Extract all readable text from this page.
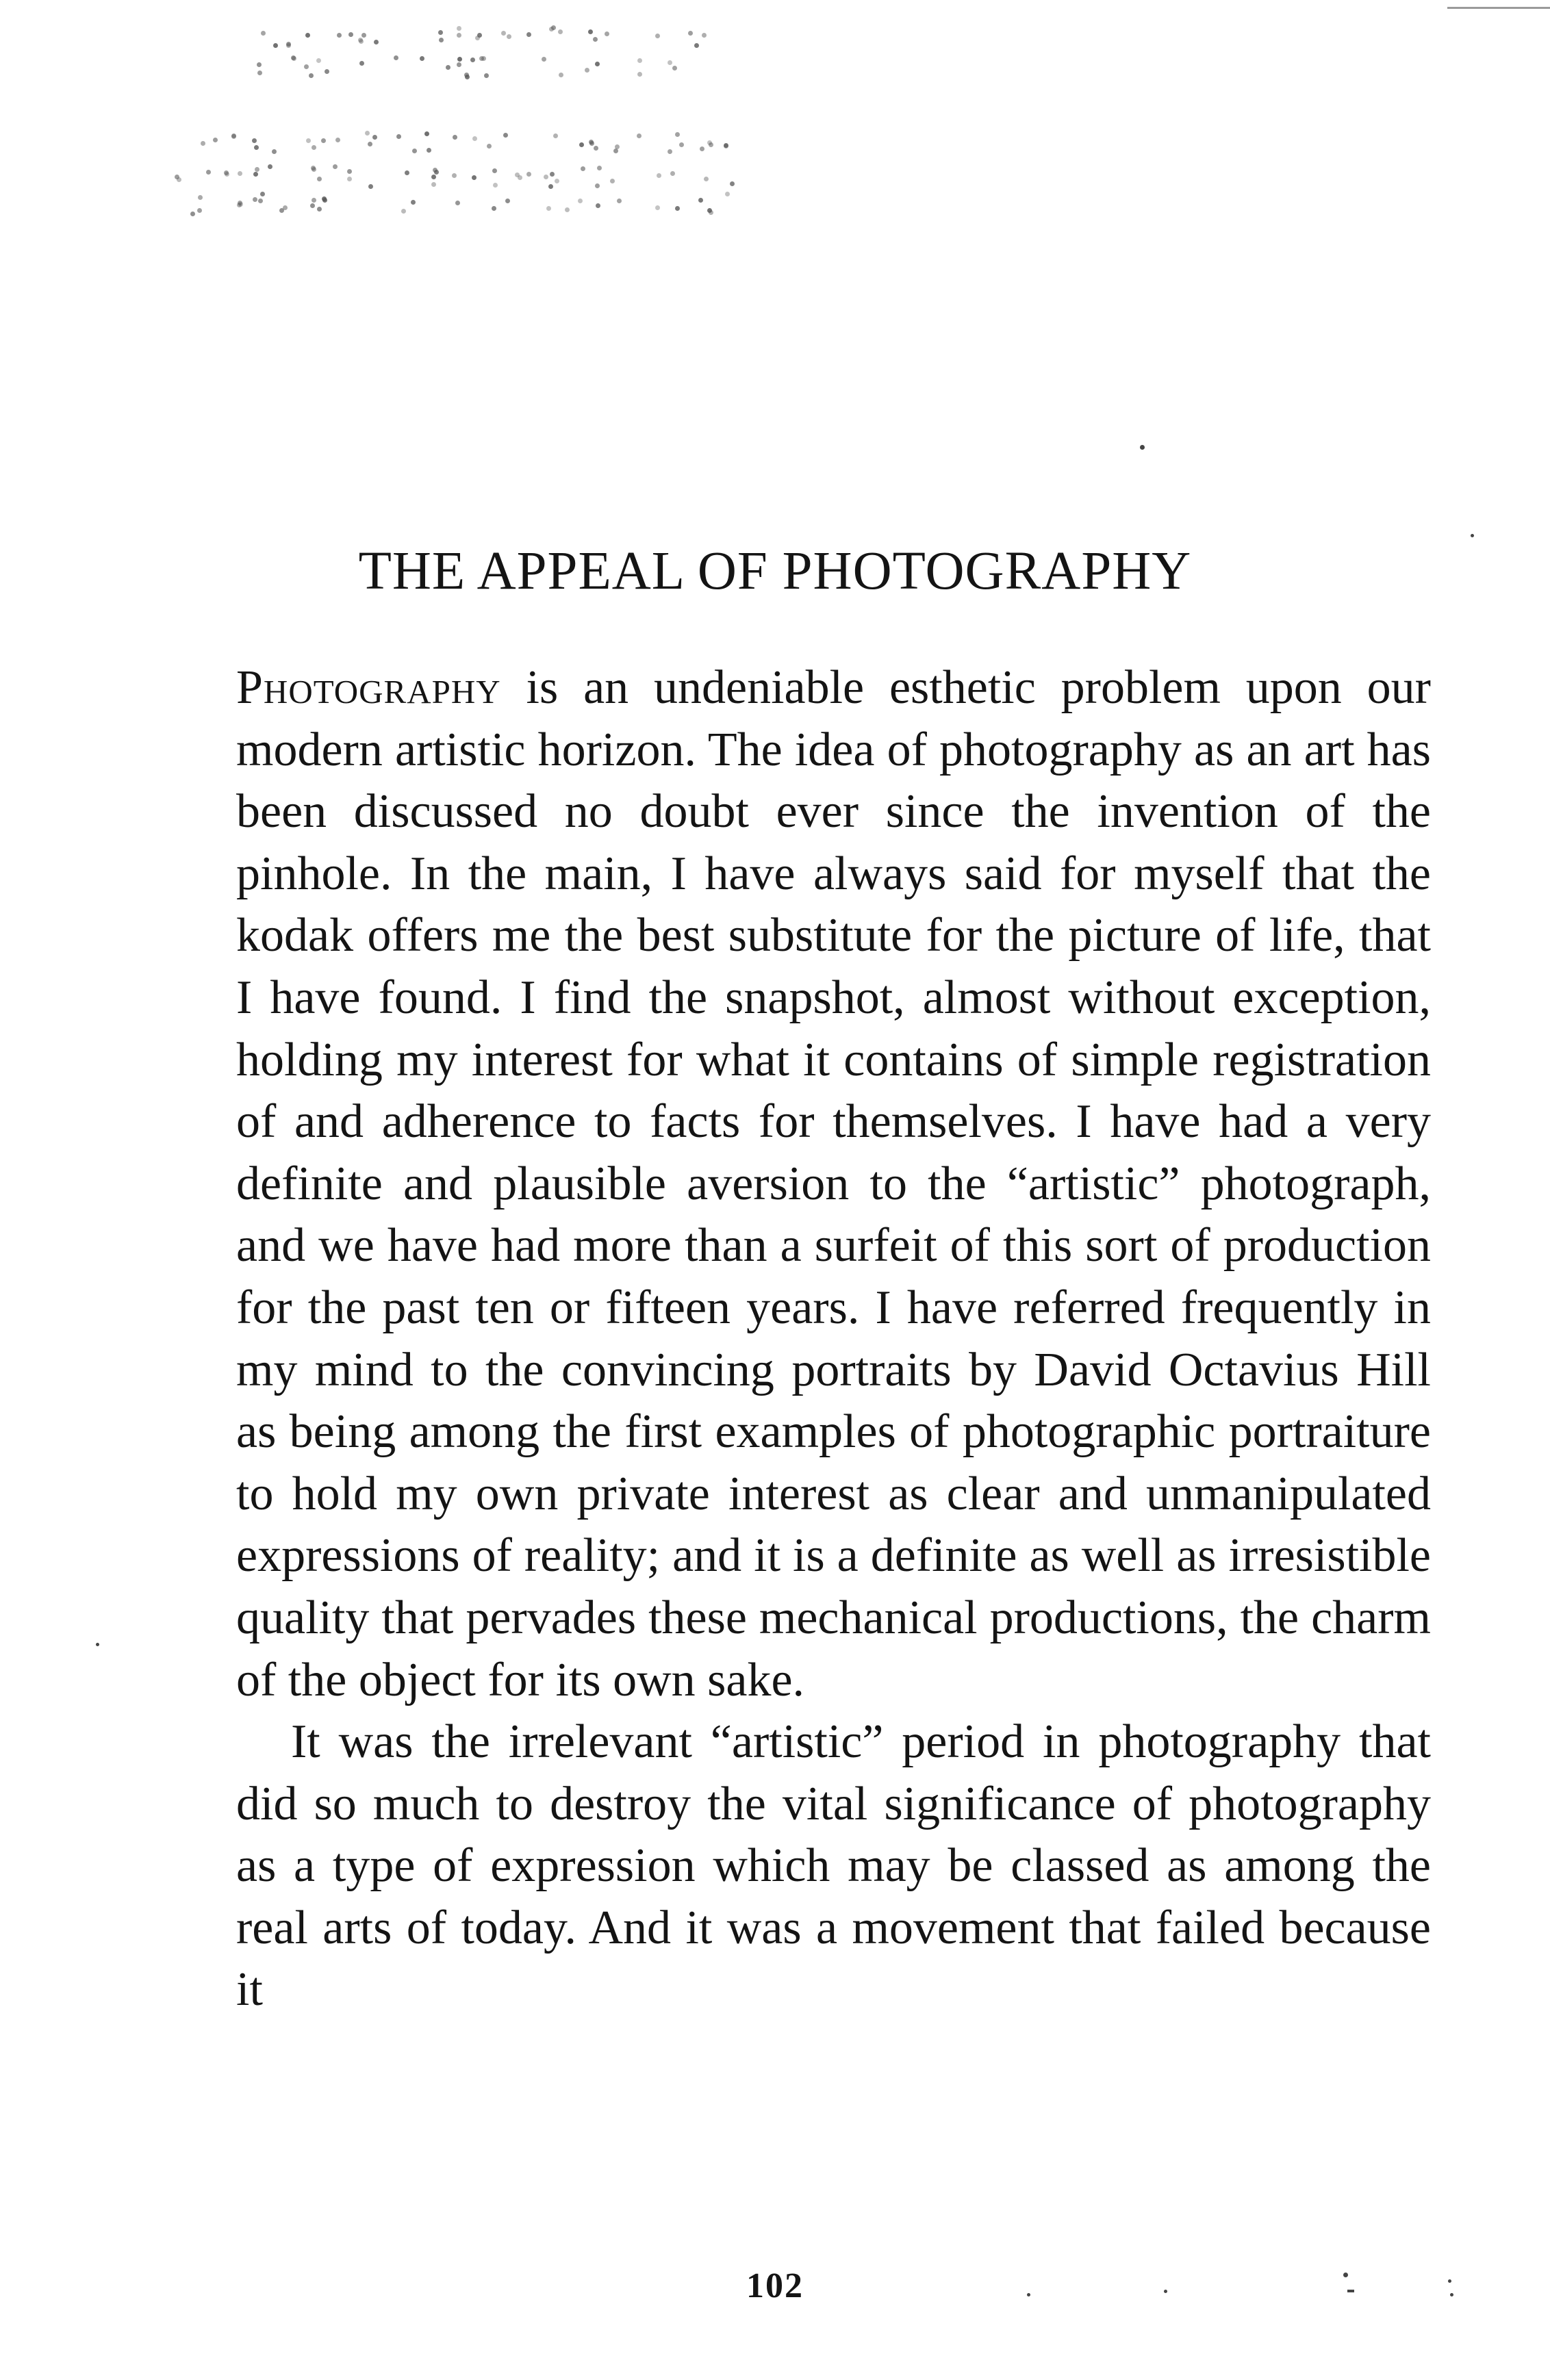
THE APPEAL OF PHOTOGRAPHY

Photography is an undeniable esthetic problem upon our modern artistic horizon. The idea of photography as an art has been discussed no doubt ever since the invention of the pinhole. In the main, I have always said for myself that the kodak offers me the best substitute for the picture of life, that I have found. I find the snapshot, almost without exception, holding my interest for what it contains of simple registration of and adherence to facts for themselves. I have had a very definite and plausible aversion to the “artistic” photograph, and we have had more than a surfeit of this sort of production for the past ten or fifteen years. I have referred frequently in my mind to the convincing portraits by David Octavius Hill as being among the first examples of photographic portraiture to hold my own private interest as clear and unmanipulated expressions of reality; and it is a definite as well as irresistible quality that pervades these mechanical productions, the charm of the object for its own sake.

It was the irrelevant “artistic” period in photography that did so much to destroy the vital significance of photography as a type of expression which may be classed as among the real arts of today. And it was a movement that failed because it

102
